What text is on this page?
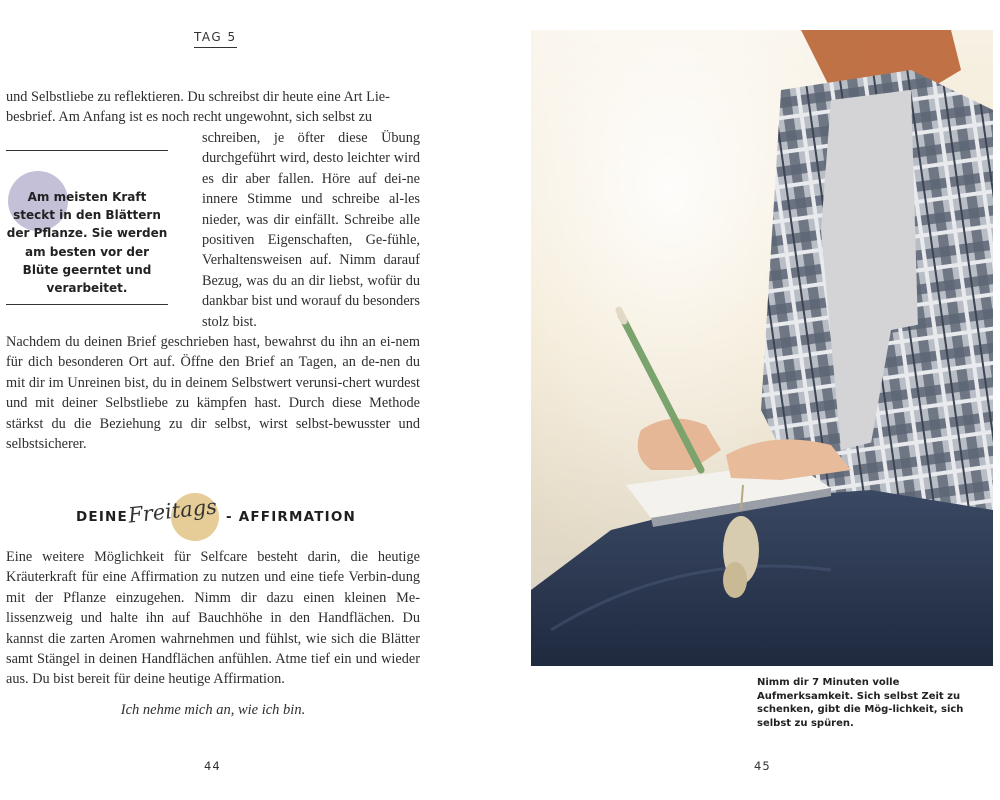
TAG 5

und Selbstliebe zu reflektieren. Du schreibst dir heute eine Art Lie-

besbrief. Am Anfang ist es noch recht ungewohnt, sich selbst zu

schreiben, je öfter diese Übung durchgeführt wird, desto leichter wird es dir aber fallen. Höre auf dei-ne innere Stimme und schreibe al-les nieder, was dir einfällt. Schreibe alle positiven Eigenschaften, Ge-fühle, Verhaltensweisen auf. Nimm darauf Bezug, was du an dir liebst, wofür du dankbar bist und worauf du besonders stolz bist.

Am meisten Kraft steckt in den Blättern der Pflanze. Sie werden am besten vor der Blüte geerntet und verarbeitet.

Nachdem du deinen Brief geschrieben hast, bewahrst du ihn an ei-nem für dich besonderen Ort auf. Öffne den Brief an Tagen, an de-nen du mit dir im Unreinen bist, du in deinem Selbstwert verunsi-chert wurdest und mit deiner Selbstliebe zu kämpfen hast. Durch diese Methode stärkst du die Beziehung zu dir selbst, wirst selbst-bewusster und selbstsicherer.

DEINE Freitags - AFFIRMATION

Eine weitere Möglichkeit für Selfcare besteht darin, die heutige Kräuterkraft für eine Affirmation zu nutzen und eine tiefe Verbin-dung mit der Pflanze einzugehen. Nimm dir dazu einen kleinen Me-lissenzweig und halte ihn auf Bauchhöhe in den Handflächen. Du kannst die zarten Aromen wahrnehmen und fühlst, wie sich die Blätter samt Stängel in deinen Handflächen anfühlen. Atme tief ein und wieder aus. Du bist bereit für deine heutige Affirmation.

Ich nehme mich an, wie ich bin.
44
Nimm dir 7 Minuten volle Aufmerksamkeit. Sich selbst Zeit zu schenken, gibt die Mög-lichkeit, sich selbst zu spüren.
45
